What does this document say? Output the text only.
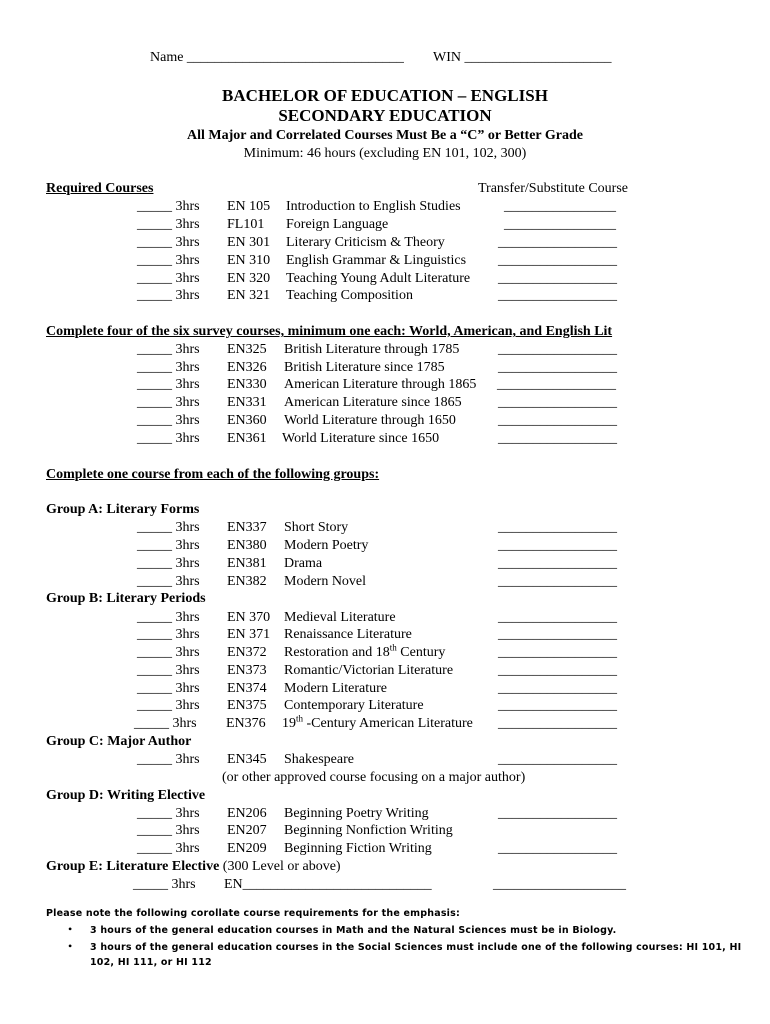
Name _______________________________ WIN _____________________
BACHELOR OF EDUCATION – ENGLISH
SECONDARY EDUCATION
All Major and Correlated Courses Must Be a “C” or Better Grade
Minimum: 46 hours (excluding EN 101, 102, 300)
Required Courses	Transfer/Substitute Course
_____ 3hrs EN 105 Introduction to English Studies	________________
_____ 3hrs FL101 Foreign Language	________________
_____ 3hrs EN 301 Literary Criticism & Theory	_________________
_____ 3hrs EN 310 English Grammar & Linguistics _________________
_____ 3hrs EN 320 Teaching Young Adult Literature _________________
_____ 3hrs EN 321 Teaching Composition	_________________
Complete four of the six survey courses, minimum one each: World, American, and English Lit
_____ 3hrs EN325 British Literature through 1785	_________________
_____ 3hrs EN326 British Literature since 1785	_________________
_____ 3hrs EN330 American Literature through 1865 _________________
_____ 3hrs EN331 American Literature since 1865	_________________
_____ 3hrs EN360 World Literature through 1650	_________________
_____ 3hrs EN361 World Literature since 1650	_________________
Complete one course from each of the following groups:
Group A: Literary Forms
_____ 3hrs EN337 Short Story	_________________
_____ 3hrs EN380 Modern Poetry	_________________
_____ 3hrs EN381 Drama	_________________
_____ 3hrs EN382 Modern Novel	_________________
Group B: Literary Periods
_____ 3hrs EN 370 Medieval Literature	_________________
_____ 3hrs EN 371 Renaissance Literature	_________________
_____ 3hrs EN372 Restoration and 18th Century	_________________
_____ 3hrs EN373 Romantic/Victorian Literature	_________________
_____ 3hrs EN374 Modern Literature	_________________
_____ 3hrs EN375 Contemporary Literature	_________________
_____ 3hrs EN376 19th -Century American Literature _________________
Group C: Major Author
_____ 3hrs EN345 Shakespeare	_________________
(or other approved course focusing on a major author)
Group D: Writing Elective
_____ 3hrs EN206 Beginning Poetry Writing	_________________
_____ 3hrs EN207 Beginning Nonfiction Writing
_____ 3hrs EN209 Beginning Fiction Writing	_________________
Group E: Literature Elective (300 Level or above)
_____ 3hrs EN___________________________	___________________
Please note the following corollate course requirements for the emphasis:
• 3 hours of the general education courses in Math and the Natural Sciences must be in Biology.
• 3 hours of the general education courses in the Social Sciences must include one of the following courses: HI 101, HI
102, HI 111, or HI 112
